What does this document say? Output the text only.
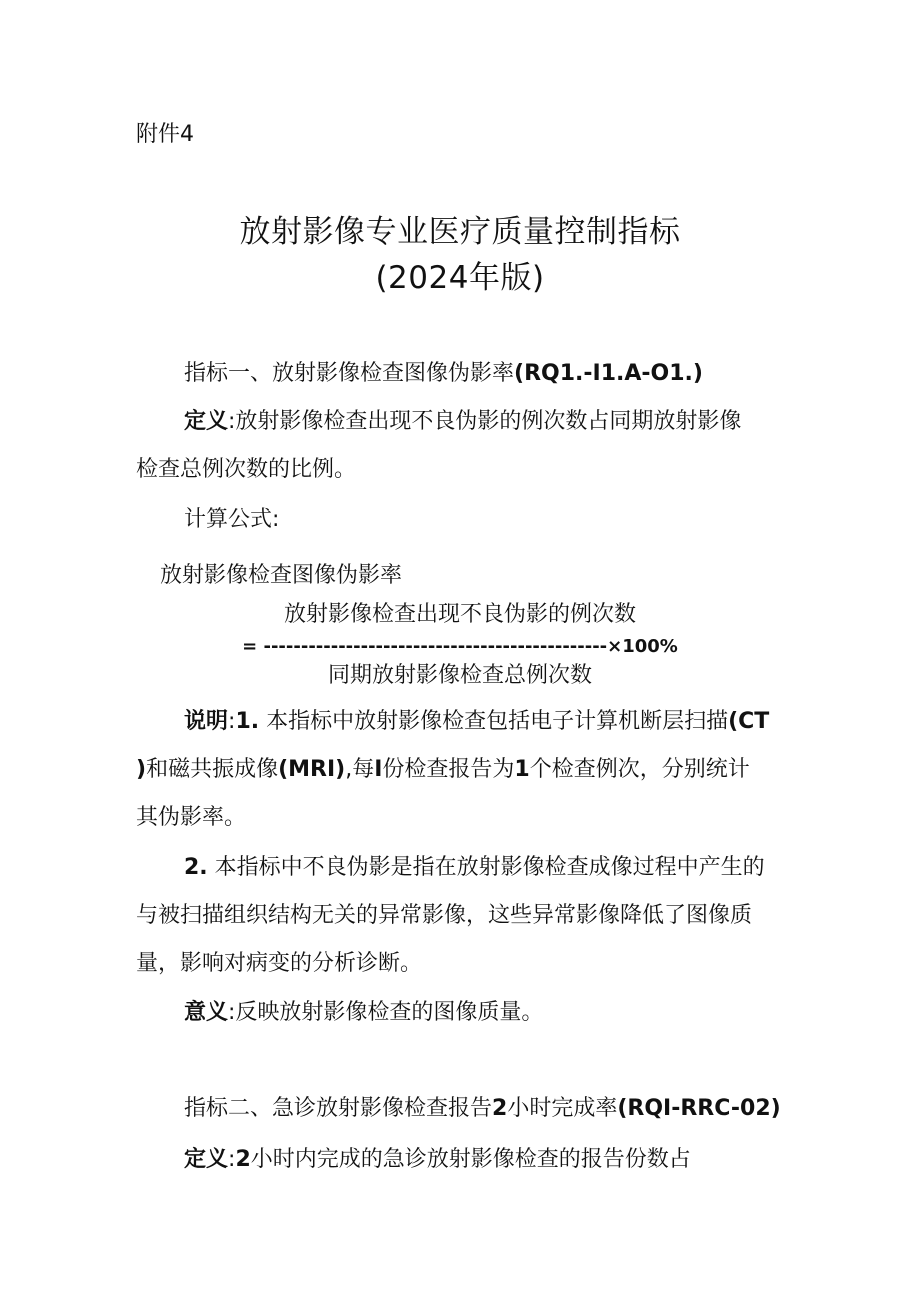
附件4
放射影像专业医疗质量控制指标
(2024年版)
指标一、放射影像检查图像伪影率(RQ1.-I1.A-O1.)
定义:放射影像检查出现不良伪影的例次数占同期放射影像
检查总例次数的比例。
计算公式:
放射影像检查图像伪影率
放射影像检查出现不良伪影的例次数
= ----------------------------------------------×100%
同期放射影像检查总例次数
说明:1. 本指标中放射影像检查包括电子计算机断层扫描(CT
)和磁共振成像(MRI),每I份检查报告为1个检查例次，分别统计
其伪影率。
2. 本指标中不良伪影是指在放射影像检查成像过程中产生的
与被扫描组织结构无关的异常影像，这些异常影像降低了图像质
量，影响对病变的分析诊断。
意义:反映放射影像检查的图像质量。
指标二、急诊放射影像检查报告2小时完成率(RQI-RRC-02)
定义:2小时内完成的急诊放射影像检查的报告份数占
